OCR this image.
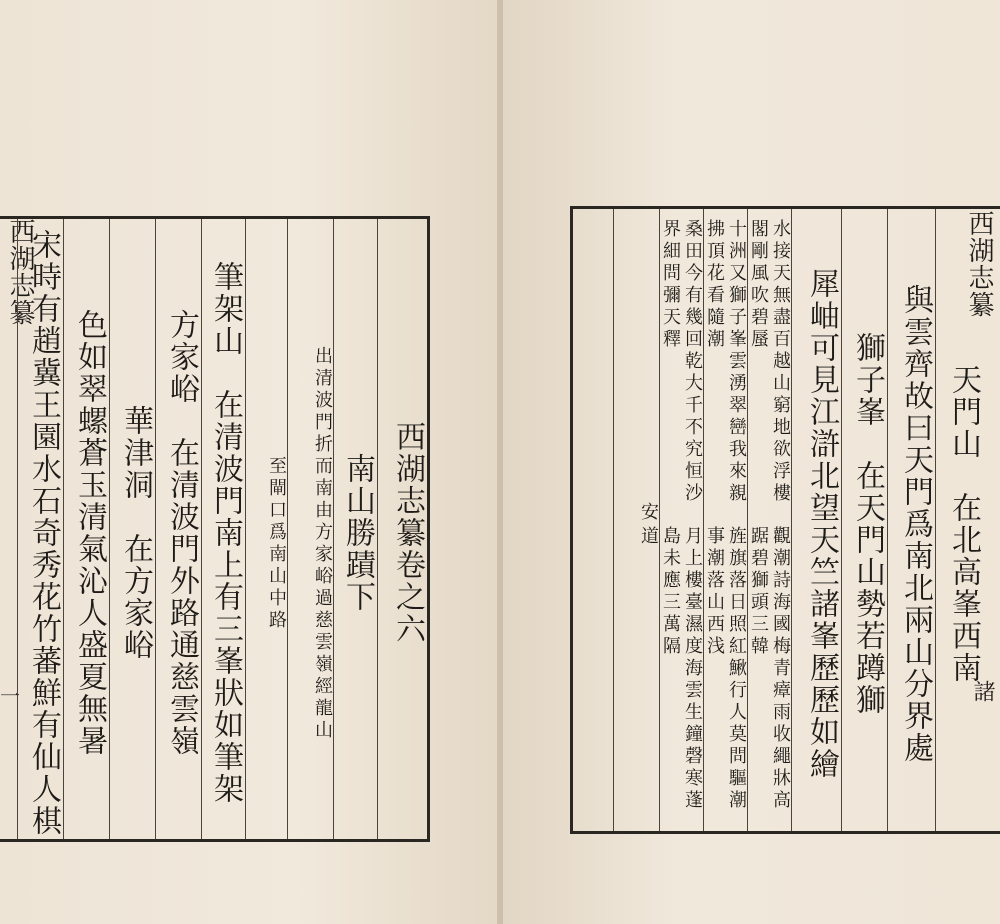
西湖志纂
一 宋時有趙冀王園水石奇秀花竹蕃鮮有仙人棋 色如翠螺蒼玉清氣沁人盛夏無暑 華津洞　在方家峪 方家峪　在清波門外路通慈雲嶺 筆架山　在清波門南上有三峯狀如筆架 至閘口爲南山中路 出清波門折而南由方家峪過慈雲嶺經龍山 南山勝蹟下 西湖志纂卷之六
西湖志纂
諸
安
道
桑田今有幾回乾大千不究恒沙界細問彌天釋
月上樓臺濕度海雲生鐘磬寒蓬島未應三萬隔
十洲又獅子峯雲湧翠巒我來親拂頂花看隨潮
旌旗落日照紅鰍行人莫問驅潮事潮落山西浅
水接天無盡百越山窮地欲浮樓閣剛風吹碧蜃
觀潮詩海國梅青瘴雨收繩牀高踞碧獅頭三韓	犀岫可見江滸北望天竺諸峯歷歷如繪 獅子峯　在天門山勢若蹲獅 與雲齊故曰天門爲南北兩山分界處 天門山　在北高峯西南
